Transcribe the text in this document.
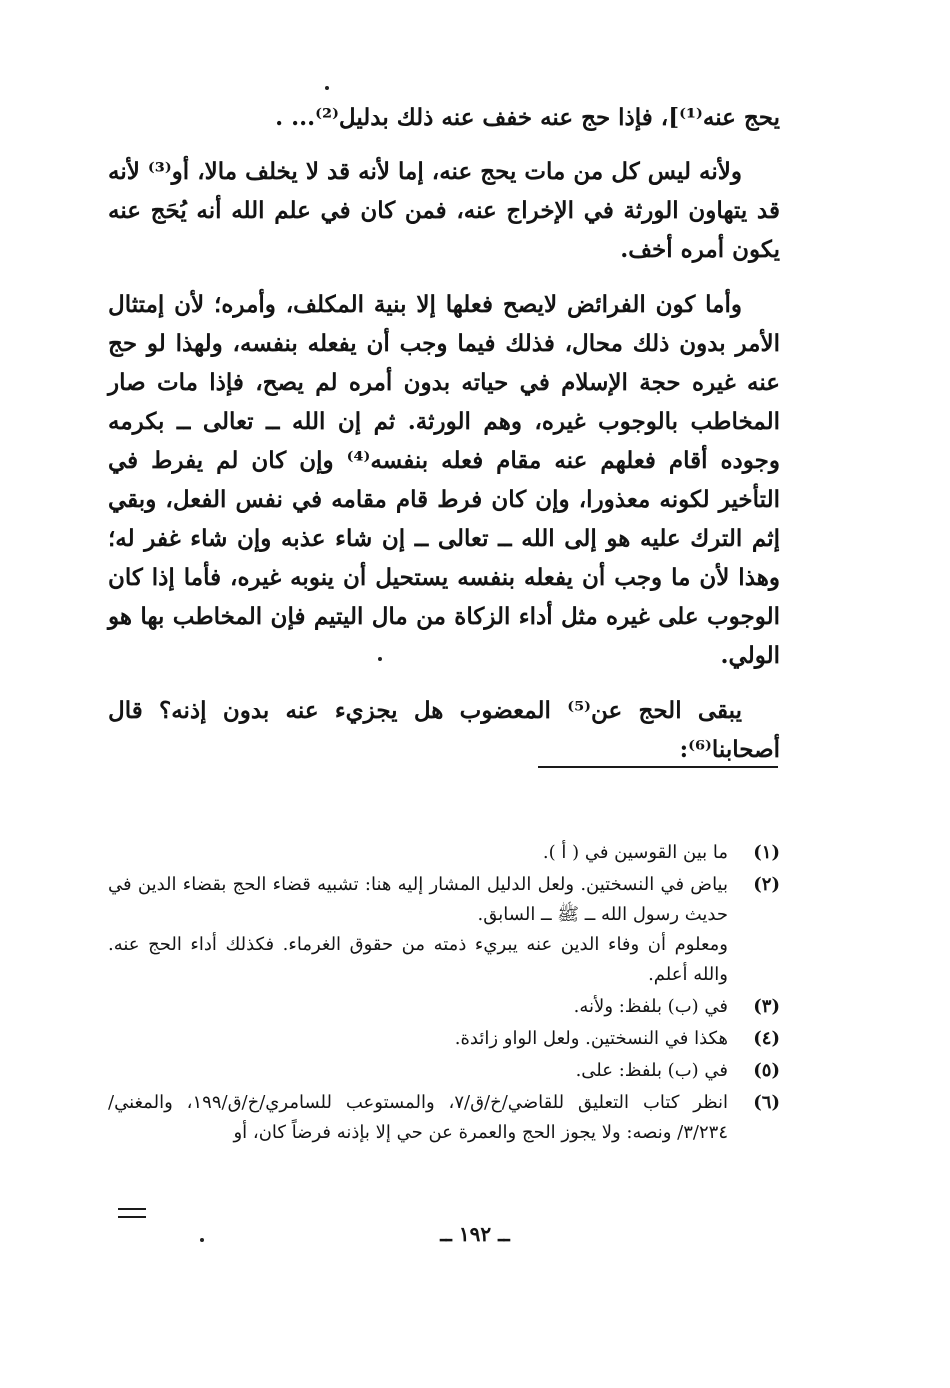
يحج عنه⁽¹⁾]، فإذا حج عنه خفف عنه ذلك بدليل⁽²⁾... .

ولأنه ليس كل من مات يحج عنه، إما لأنه قد لا يخلف مالا، أو⁽³⁾ لأنه قد يتهاون الورثة في الإخراج عنه، فمن كان في علم الله أنه يُحَج عنه يكون أمره أخف.

وأما كون الفرائض لايصح فعلها إلا بنية المكلف، وأمره؛ لأن إمتثال الأمر بدون ذلك محال، فذلك فيما وجب أن يفعله بنفسه، ولهذا لو حج عنه غيره حجة الإسلام في حياته بدون أمره لم يصح، فإذا مات صار المخاطب بالوجوب غيره، وهم الورثة. ثم إن الله ــ تعالى ــ بكرمه وجوده أقام فعلهم عنه مقام فعله بنفسه⁽⁴⁾ وإن كان لم يفرط في التأخير لكونه معذورا، وإن كان فرط قام مقامه في نفس الفعل، وبقي إثم الترك عليه هو إلى الله ــ تعالى ــ إن شاء عذبه وإن شاء غفر له؛ وهذا لأن ما وجب أن يفعله بنفسه يستحيل أن ينوبه غيره، فأما إذا كان الوجوب على غيره مثل أداء الزكاة من مال اليتيم فإن المخاطب بها هو الولي.

يبقى الحج عن⁽⁵⁾ المعضوب هل يجزيء عنه بدون إذنه؟ قال أصحابنا⁽⁶⁾:

(١)
ما بين القوسين في ( أ ).
(٢)
بياض في النسختين. ولعل الدليل المشار إليه هنا: تشبيه قضاء الحج بقضاء الدين في حديث رسول الله ــ ﷺ ــ السابق.
ومعلوم أن وفاء الدين عنه يبريء ذمته من حقوق الغرماء. فكذلك أداء الحج عنه. والله أعلم.
(٣)
في (ب) بلفظ: ولأنه.
(٤)
هكذا في النسختين. ولعل الواو زائدة.
(٥)
في (ب) بلفظ: على.
(٦)
انظر كتاب التعليق للقاضي/خ/ق/٧، والمستوعب للسامري/خ/ق/١٩٩، والمغني/٣/٢٣٤/ ونصه: ولا يجوز الحج والعمرة عن حي إلا بإذنه فرضاً كان، أو
ــ ١٩٢ ــ
